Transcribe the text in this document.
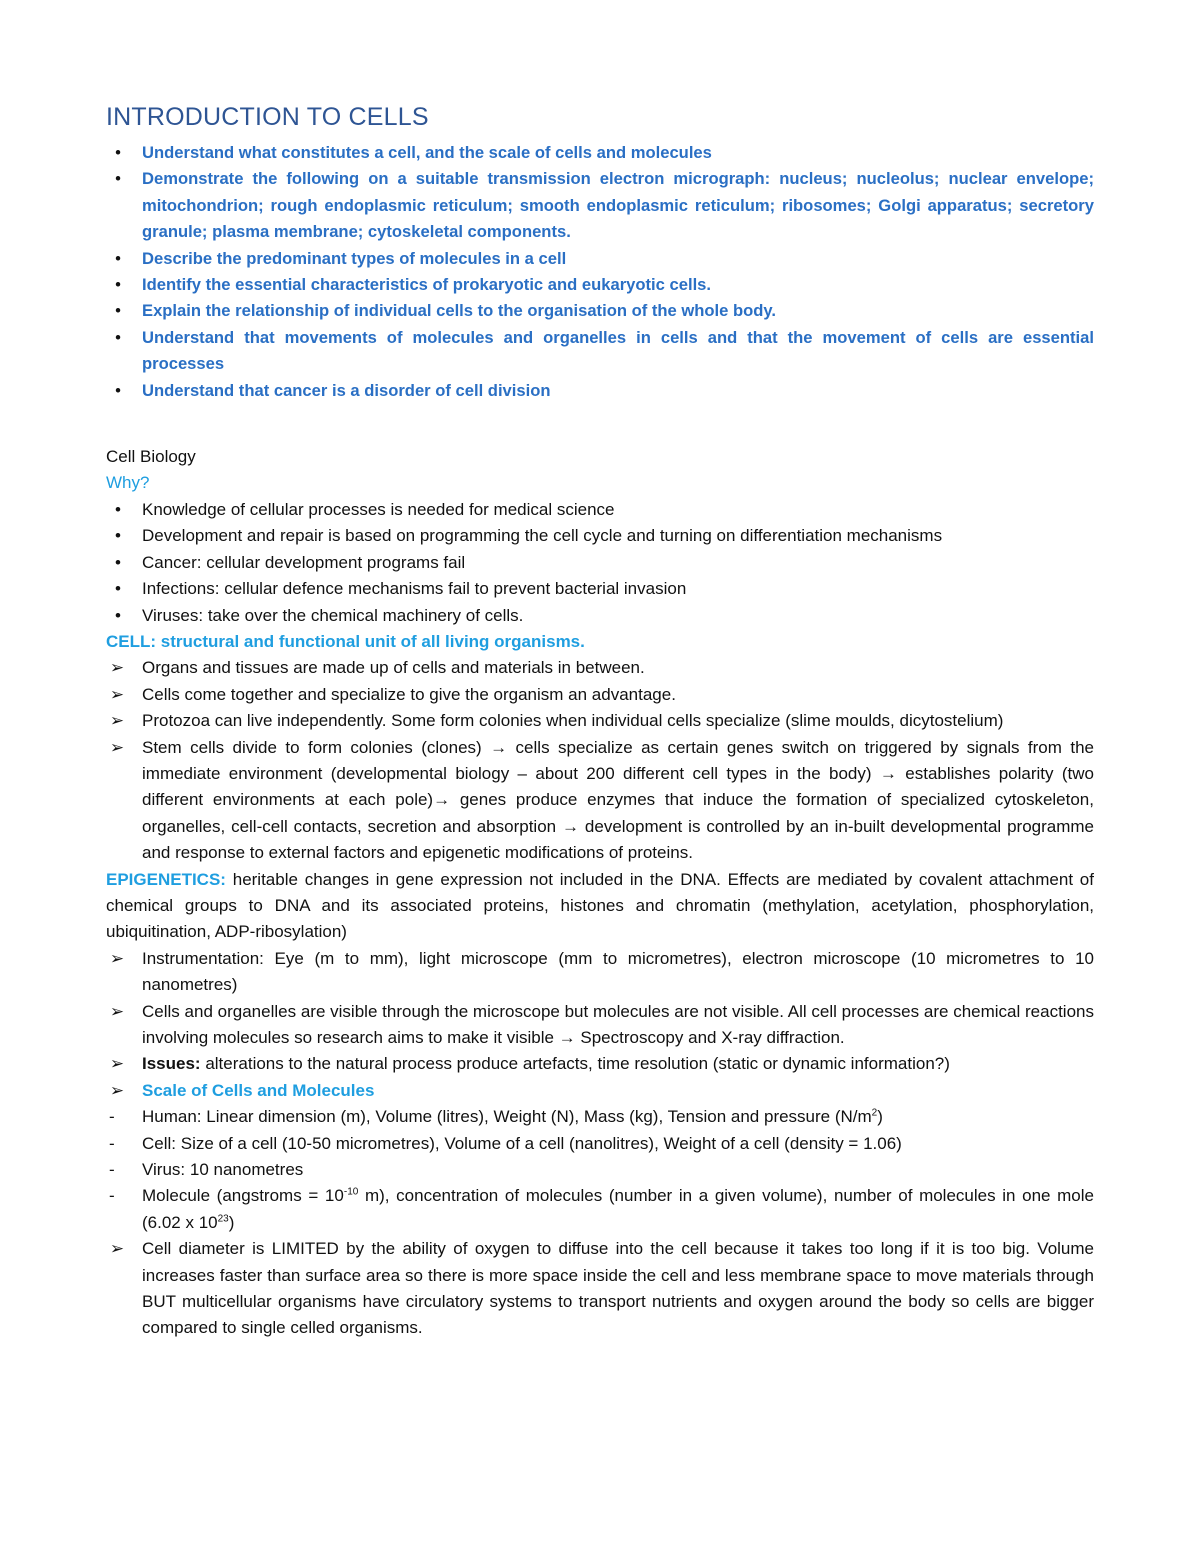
INTRODUCTION TO CELLS
• Understand what constitutes a cell, and the scale of cells and molecules
• Demonstrate the following on a suitable transmission electron micrograph: nucleus; nucleolus; nuclear envelope; mitochondrion; rough endoplasmic reticulum; smooth endoplasmic reticulum; ribosomes; Golgi apparatus; secretory granule; plasma membrane; cytoskeletal components.
• Describe the predominant types of molecules in a cell
• Identify the essential characteristics of prokaryotic and eukaryotic cells.
• Explain the relationship of individual cells to the organisation of the whole body.
• Understand that movements of molecules and organelles in cells and that the movement of cells are essential processes
• Understand that cancer is a disorder of cell division

Cell Biology

Why?

• Knowledge of cellular processes is needed for medical science
• Development and repair is based on programming the cell cycle and turning on differentiation mechanisms
• Cancer: cellular development programs fail
• Infections: cellular defence mechanisms fail to prevent bacterial invasion
• Viruses: take over the chemical machinery of cells.

CELL: structural and functional unit of all living organisms.

➢ Organs and tissues are made up of cells and materials in between.
➢ Cells come together and specialize to give the organism an advantage.
➢ Protozoa can live independently. Some form colonies when individual cells specialize (slime moulds, dicytostelium)
➢ Stem cells divide to form colonies (clones) → cells specialize as certain genes switch on triggered by signals from the immediate environment (developmental biology – about 200 different cell types in the body) → establishes polarity (two different environments at each pole)→ genes produce enzymes that induce the formation of specialized cytoskeleton, organelles, cell-cell contacts, secretion and absorption → development is controlled by an in-built developmental programme and response to external factors and epigenetic modifications of proteins.

EPIGENETICS: heritable changes in gene expression not included in the DNA. Effects are mediated by covalent attachment of chemical groups to DNA and its associated proteins, histones and chromatin (methylation, acetylation, phosphorylation, ubiquitination, ADP-ribosylation)

➢ Instrumentation: Eye (m to mm), light microscope (mm to micrometres), electron microscope (10 micrometres to 10 nanometres)
➢ Cells and organelles are visible through the microscope but molecules are not visible. All cell processes are chemical reactions involving molecules so research aims to make it visible → Spectroscopy and X-ray diffraction.
➢ Issues: alterations to the natural process produce artefacts, time resolution (static or dynamic information?)
➢ Scale of Cells and Molecules
-	Human: Linear dimension (m), Volume (litres), Weight (N), Mass (kg), Tension and pressure $(N/m^2)$
-	Cell: Size of a cell (10-50 micrometres), Volume of a cell (nanolitres), Weight of a cell (density = 1.06)
-	Virus: 10 nanometres
-	Molecule (angstroms = $10^{-10}$ m), concentration of molecules (number in a given volume), number of molecules in one mole (6.02 x $10^{23}$)
➢ Cell diameter is LIMITED by the ability of oxygen to diffuse into the cell because it takes too long if it is too big. Volume increases faster than surface area so there is more space inside the cell and less membrane space to move materials through BUT multicellular organisms have circulatory systems to transport nutrients and oxygen around the body so cells are bigger compared to single celled organisms.
